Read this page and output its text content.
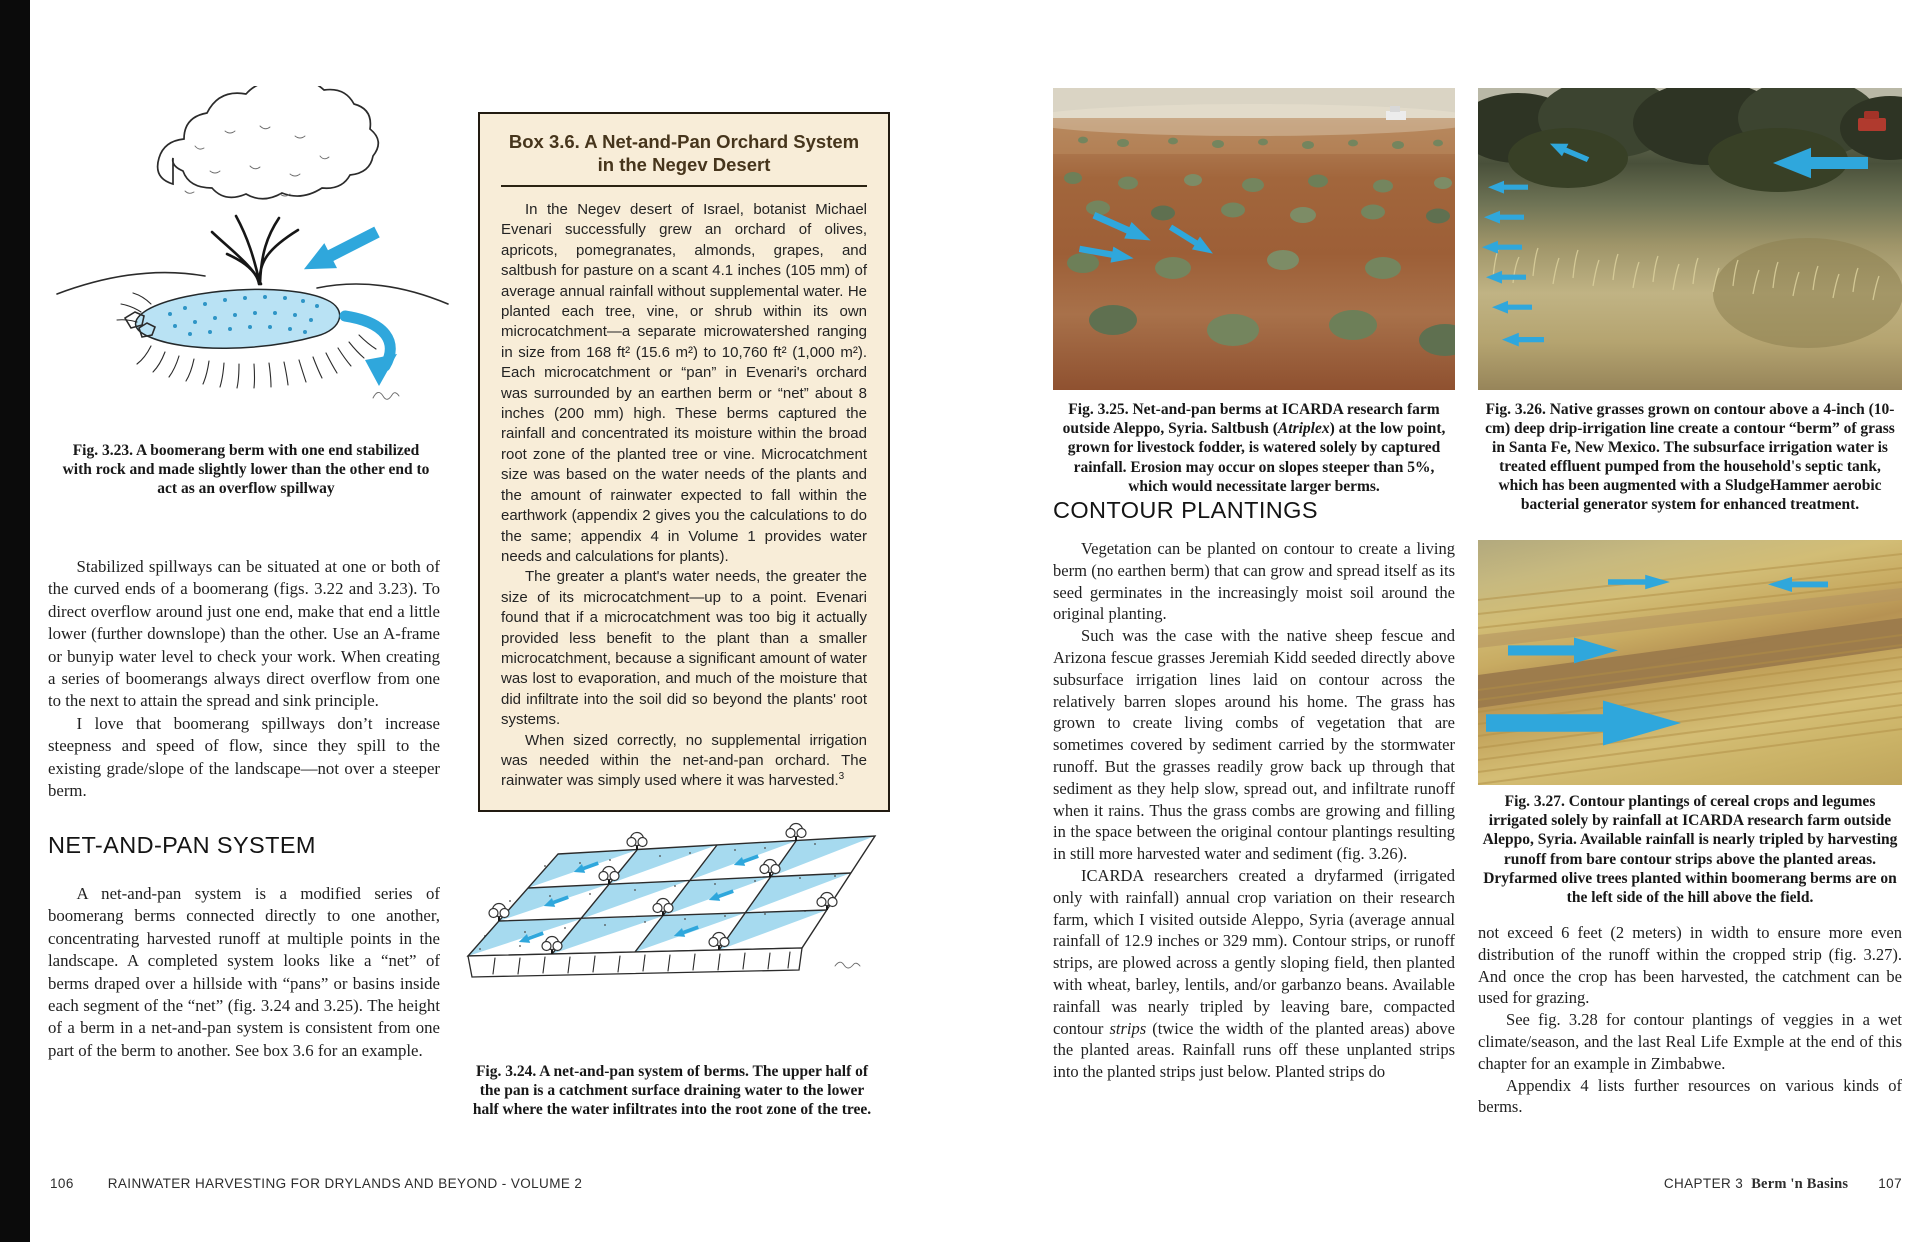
Fig. 3.23. A boomerang berm with one end stabilized with rock and made slightly lower than the other end to act as an overflow spillway

Stabilized spillways can be situated at one or both of the curved ends of a boomerang (figs. 3.22 and 3.23). To direct overflow around just one end, make that end a little lower (further downslope) than the other. Use an A-frame or bunyip water level to check your work. When creating a series of boomerangs always direct overflow from one to the next to attain the spread and sink principle.

I love that boomerang spillways don’t increase steepness and speed of flow, since they spill to the existing grade/slope of the landscape—not over a steeper berm.

NET-AND-PAN SYSTEM

A net-and-pan system is a modified series of boomerang berms connected directly to one another, concentrating harvested runoff at multiple points in the landscape. A completed system looks like a “net” of berms draped over a hillside with “pans” or basins inside each segment of the “net” (fig. 3.24 and 3.25). The height of a berm in a net-and-pan system is consistent from one part of the berm to another. See box 3.6 for an example.

Box 3.6. A Net-and-Pan Orchard System
in the Negev Desert

In the Negev desert of Israel, botanist Michael Evenari successfully grew an orchard of olives, apricots, pomegranates, almonds, grapes, and saltbush for pasture on a scant 4.1 inches (105 mm) of average annual rainfall without supplemental water. He planted each tree, vine, or shrub within its own microcatchment—a separate microwatershed ranging in size from 168 ft² (15.6 m²) to 10,760 ft² (1,000 m²). Each microcatchment or “pan” in Evenari's orchard was surrounded by an earthen berm or “net” about 8 inches (200 mm) high. These berms captured the rainfall and concentrated its moisture within the broad root zone of the planted tree or vine. Microcatchment size was based on the water needs of the plants and the amount of rainwater expected to fall within the earthwork (appendix 2 gives you the calculations to do the same; appendix 4 in Volume 1 provides water needs and calculations for plants).

The greater a plant's water needs, the greater the size of its microcatchment—up to a point. Evenari found that if a microcatchment was too big it actually provided less benefit to the plant than a smaller microcatchment, because a significant amount of water was lost to evaporation, and much of the moisture that did infiltrate into the soil did so beyond the plants' root systems.

When sized correctly, no supplemental irrigation was needed within the net-and-pan orchard. The rainwater was simply used where it was harvested.$^3$

Fig. 3.24. A net-and-pan system of berms. The upper half of the pan is a catchment surface draining water to the lower half where the water infiltrates into the root zone of the tree.
106	RAINWATER HARVESTING FOR DRYLANDS AND BEYOND - VOLUME 2
Fig. 3.25. Net-and-pan berms at ICARDA research farm outside Aleppo, Syria. Saltbush (Atriplex) at the low point, grown for livestock fodder, is watered solely by captured rainfall. Erosion may occur on slopes steeper than 5%, which would necessitate larger berms.
Fig. 3.26. Native grasses grown on contour above a 4-inch (10-cm) deep drip-irrigation line create a contour “berm” of grass in Santa Fe, New Mexico. The subsurface irrigation water is treated effluent pumped from the household's septic tank, which has been augmented with a SludgeHammer aerobic bacterial generator system for enhanced treatment.
CONTOUR PLANTINGS

Vegetation can be planted on contour to create a living berm (no earthen berm) that can grow and spread itself as its seed germinates in the increasingly moist soil around the original planting.

Such was the case with the native sheep fescue and Arizona fescue grasses Jeremiah Kidd seeded directly above subsurface irrigation lines laid on contour across the relatively barren slopes around his home. The grass has grown to create living combs of vegetation that are sometimes covered by sediment carried by the stormwater runoff. But the grasses readily grow back up through that sediment as they help slow, spread out, and infiltrate runoff when it rains. Thus the grass combs are growing and filling in the space between the original contour plantings resulting in still more harvested water and sediment (fig. 3.26).

ICARDA researchers created a dryfarmed (irrigated only with rainfall) annual crop variation on their research farm, which I visited outside Aleppo, Syria (average annual rainfall of 12.9 inches or 329 mm). Contour strips, or runoff strips, are plowed across a gently sloping field, then planted with wheat, barley, lentils, and/or garbanzo beans. Available rainfall was nearly tripled by leaving bare, compacted contour strips (twice the width of the planted areas) above the planted areas. Rainfall runs off these unplanted strips into the planted strips just below. Planted strips do

Fig. 3.27. Contour plantings of cereal crops and legumes irrigated solely by rainfall at ICARDA research farm outside Aleppo, Syria. Available rainfall is nearly tripled by harvesting runoff from bare contour strips above the planted areas. Dryfarmed olive trees planted within boomerang berms are on the left side of the hill above the field.

not exceed 6 feet (2 meters) in width to ensure more even distribution of the runoff within the cropped strip (fig. 3.27). And once the crop has been harvested, the catchment can be used for grazing.

See fig. 3.28 for contour plantings of veggies in a wet climate/season, and the last Real Life Exmple at the end of this chapter for an example in Zimbabwe.

Appendix 4 lists further resources on various kinds of berms.

CHAPTER 3 Berm 'n Basins 107
